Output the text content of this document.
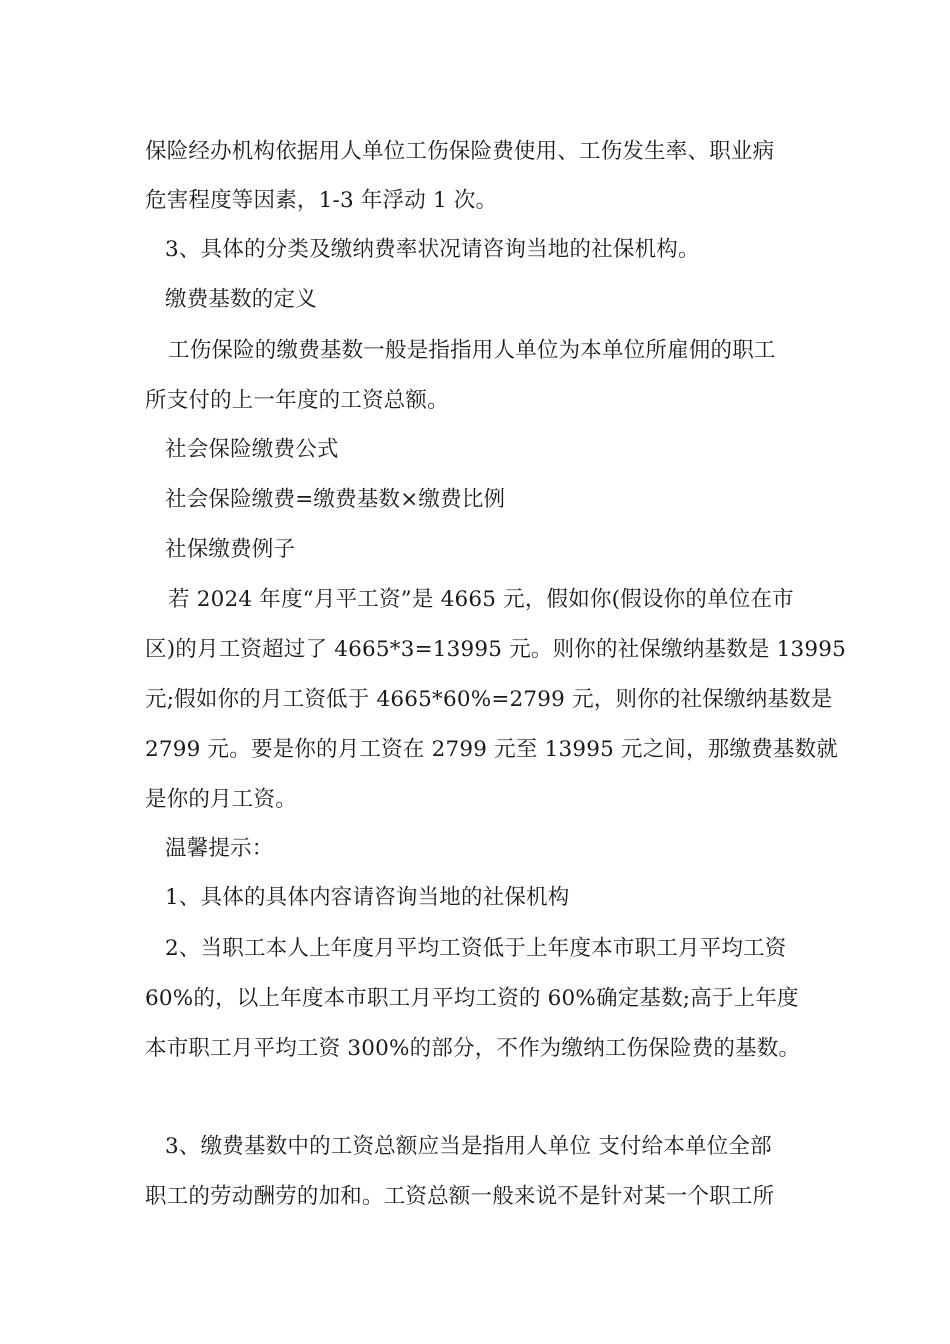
保险经办机构依据用人单位工伤保险费使用、工伤发生率、职业病
危害程度等因素，1-3 年浮动 1 次。
3、具体的分类及缴纳费率状况请咨询当地的社保机构。
缴费基数的定义
工伤保险的缴费基数一般是指指用人单位为本单位所雇佣的职工
所支付的上一年度的工资总额。
社会保险缴费公式
社会保险缴费=缴费基数×缴费比例
社保缴费例子
若 2024 年度“月平工资”是 4665 元，假如你(假设你的单位在市
区)的月工资超过了 4665*3=13995 元。则你的社保缴纳基数是 13995
元;假如你的月工资低于 4665*60%=2799 元，则你的社保缴纳基数是
2799 元。要是你的月工资在 2799 元至 13995 元之间，那缴费基数就
是你的月工资。
温馨提示：
1、具体的具体内容请咨询当地的社保机构
2、当职工本人上年度月平均工资低于上年度本市职工月平均工资
60%的，以上年度本市职工月平均工资的 60%确定基数;高于上年度
本市职工月平均工资 300%的部分，不作为缴纳工伤保险费的基数。
3、缴费基数中的工资总额应当是指用人单位 支付给本单位全部
职工的劳动酬劳的加和。工资总额一般来说不是针对某一个职工所
